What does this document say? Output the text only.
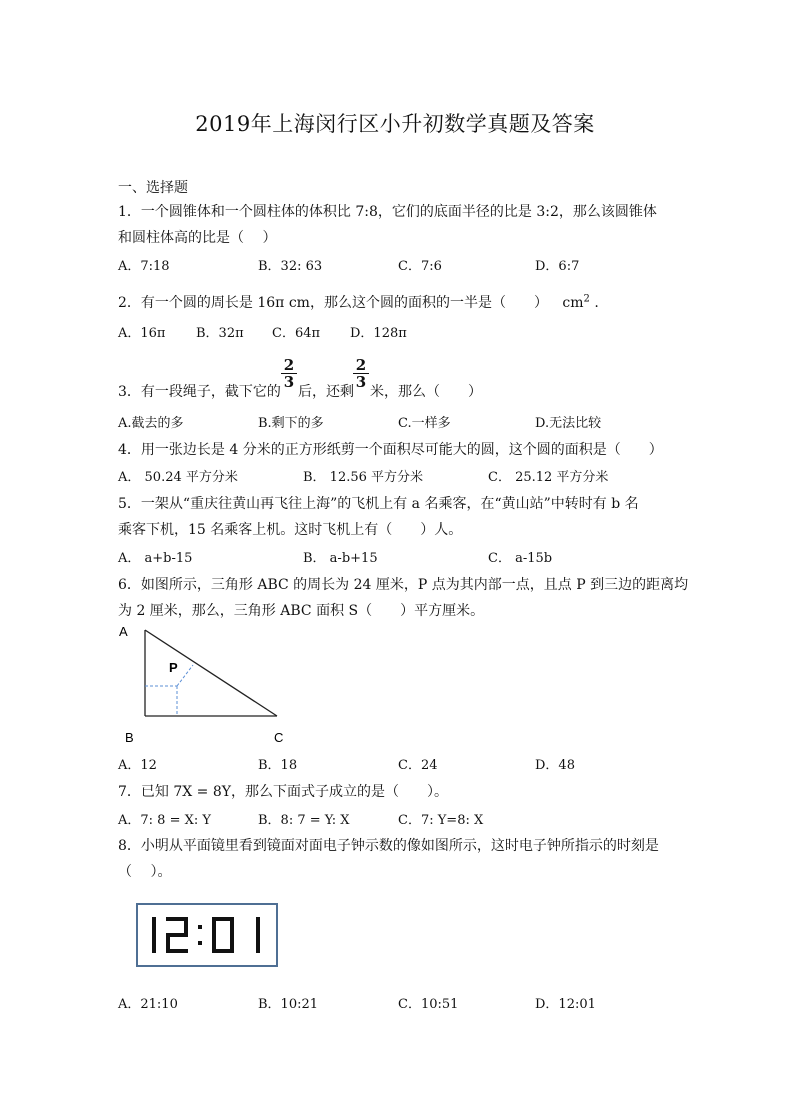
2019年上海闵行区小升初数学真题及答案
一、选择题
1．一个圆锥体和一个圆柱体的体积比 7:8，它们的底面半径的比是 3:2，那么该圆锥体
和圆柱体高的比是（　 ）
A．7:18	B．32: 63	C．7:6	D．6:7
2．有一个圆的周长是 16π cm，那么这个圆的面积的一半是（　　） $cm^2$ .
A．16π B．32π C．64π D．128π
3．有一段绳子，截下它的
$\frac{2}{3}$
后，还剩
$\frac{2}{3}$
米，那么（　　）
A.截去的多	B.剩下的多	C.一样多	D.无法比较
4．用一张边长是 4 分米的正方形纸剪一个面积尽可能大的圆，这个圆的面积是（　　）
A． 50.24 平方分米	B． 12.56 平方分米	C． 25.12 平方分米
5．一架从“重庆往黄山再飞往上海”的飞机上有 a 名乘客，在“黄山站”中转时有 b 名
乘客下机，15 名乘客上机。这时飞机上有（　　）人。
A． a+b-15	B． a-b+15	C． a-15b
6．如图所示，三角形 ABC 的周长为 24 厘米，P 点为其内部一点，且点 P 到三边的距离均
为 2 厘米，那么，三角形 ABC 面积 S（　　）平方厘米。
A
B	C
P
A．12	B．18	C．24	D．48
7．已知 7X = 8Y，那么下面式子成立的是（　　）。
A．7: 8 = X: Y	B．8: 7 = Y: X	C．7: Y=8: X
8．小明从平面镜里看到镜面对面电子钟示数的像如图所示，这时电子钟所指示的时刻是
（　 ）。
A．21:10	B．10:21	C．10:51	D．12:01
